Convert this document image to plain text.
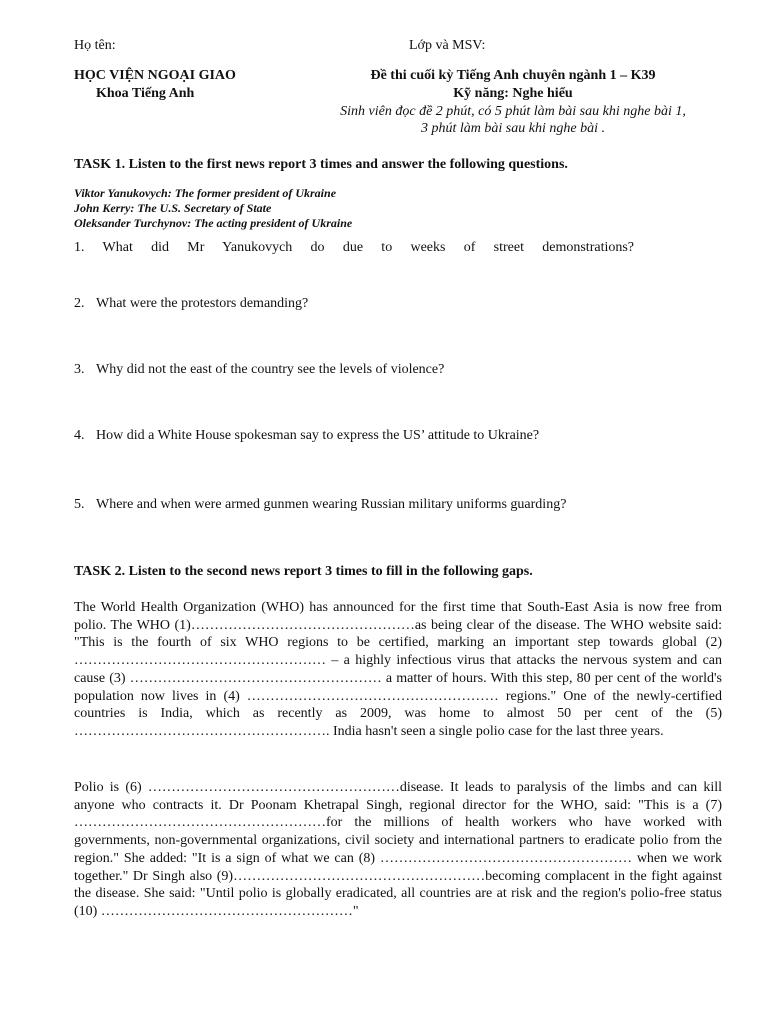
Họ tên:	Lớp và MSV:
HỌC VIỆN NGOẠI GIAO
Khoa Tiếng Anh
Đề thi cuối kỳ Tiếng Anh chuyên ngành 1 – K39
Kỹ năng: Nghe hiểu
Sinh viên đọc đề 2 phút, có 5 phút làm bài sau khi nghe bài 1,
3 phút làm bài sau khi nghe bài .
TASK 1. Listen to the first news report 3 times and answer the following questions.
Viktor Yanukovych: The former president of Ukraine
John Kerry: The U.S. Secretary of State
Oleksander Turchynov: The acting president of Ukraine
1. What did Mr Yanukovych do due to weeks of street demonstrations?
2. What were the protestors demanding?
3. Why did not the east of the country see the levels of violence?
4. How did a White House spokesman say to express the US’ attitude to Ukraine?
5. Where and when were armed gunmen wearing Russian military uniforms guarding?
TASK 2. Listen to the second news report 3 times to fill in the following gaps.
The World Health Organization (WHO) has announced for the first time that South-East Asia is now free from polio. The WHO (1)…………………………………………as being clear of the disease. The WHO website said: "This is the fourth of six WHO regions to be certified, marking an important step towards global (2) ……………………………………………… – a highly infectious virus that attacks the nervous system and can cause (3) ……………………………………………… a matter of hours. With this step, 80 per cent of the world's population now lives in (4) ……………………………………………… regions." One of the newly-certified countries is India, which as recently as 2009, was home to almost 50 per cent of the (5) ………………………………………………. India hasn't seen a single polio case for the last three years.
Polio is (6) ………………………………………………disease. It leads to paralysis of the limbs and can kill anyone who contracts it. Dr Poonam Khetrapal Singh, regional director for the WHO, said: "This is a (7) ………………………………………………for the millions of health workers who have worked with governments, non-governmental organizations, civil society and international partners to eradicate polio from the region." She added: "It is a sign of what we can (8) ……………………………………………… when we work together." Dr Singh also (9)………………………………………………becoming complacent in the fight against the disease. She said: "Until polio is globally eradicated, all countries are at risk and the region's polio-free status (10) ………………………………………………"
